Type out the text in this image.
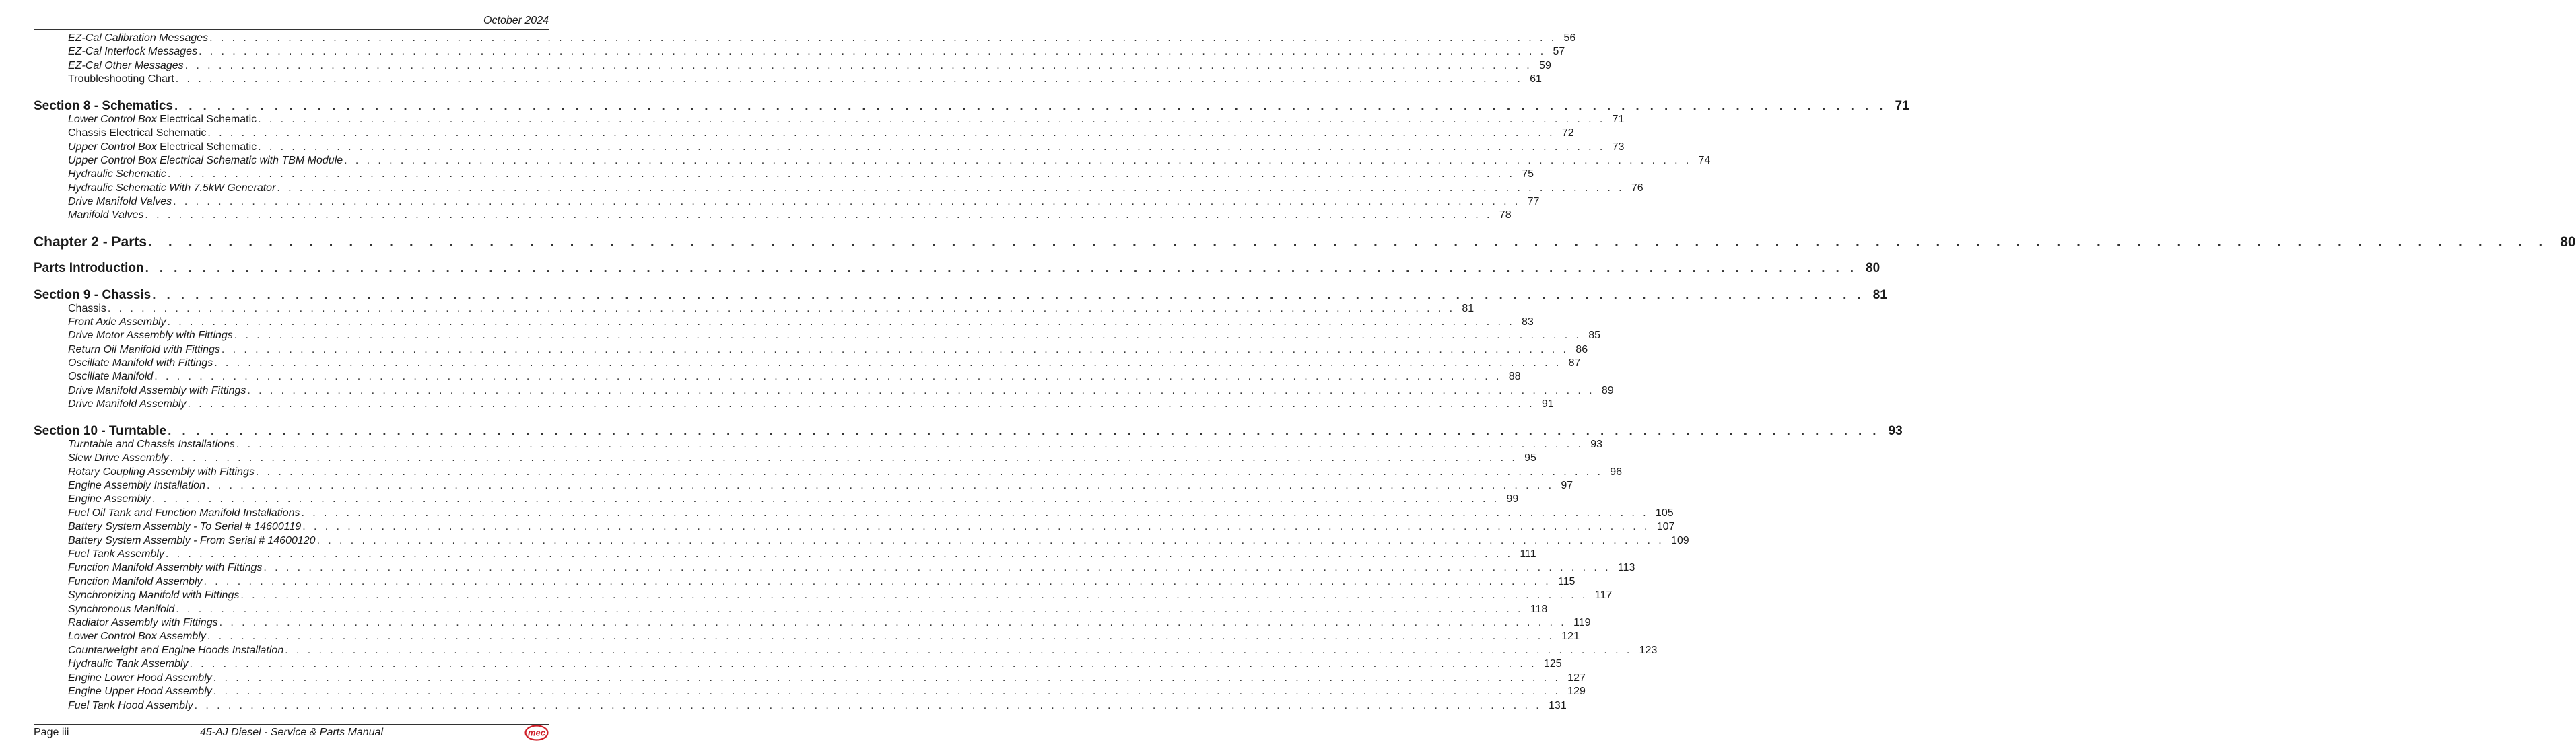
October 2024
EZ-Cal Calibration Messages ........................................................................................................................ 56
EZ-Cal Interlock Messages ........................................................................................................................ 57
EZ-Cal Other Messages ........................................................................................................................ 59
Troubleshooting Chart ........................................................................................................................ 61
Section 8 - Schematics ........................................................................................................................ 71
Lower Control Box Electrical Schematic ........................................................................................................................ 71
Chassis Electrical Schematic ........................................................................................................................ 72
Upper Control Box Electrical Schematic ........................................................................................................................ 73
Upper Control Box Electrical Schematic with TBM Module ........................................................................................................................ 74
Hydraulic Schematic ........................................................................................................................ 75
Hydraulic Schematic With 7.5kW Generator ........................................................................................................................ 76
Drive Manifold Valves ........................................................................................................................ 77
Manifold Valves ........................................................................................................................ 78
Chapter 2 - Parts ........................................................................................................................ 80
Parts Introduction ........................................................................................................................ 80
Section 9 - Chassis ........................................................................................................................ 81
Chassis ........................................................................................................................ 81
Front Axle Assembly ........................................................................................................................ 83
Drive Motor Assembly with Fittings ........................................................................................................................ 85
Return Oil Manifold with Fittings ........................................................................................................................ 86
Oscillate Manifold with Fittings ........................................................................................................................ 87
Oscillate Manifold ........................................................................................................................ 88
Drive Manifold Assembly with Fittings ........................................................................................................................ 89
Drive Manifold Assembly ........................................................................................................................ 91
Section 10 - Turntable ........................................................................................................................ 93
Turntable and Chassis Installations ........................................................................................................................ 93
Slew Drive Assembly ........................................................................................................................ 95
Rotary Coupling Assembly with Fittings ........................................................................................................................ 96
Engine Assembly Installation ........................................................................................................................ 97
Engine Assembly ........................................................................................................................ 99
Fuel Oil Tank and Function Manifold Installations ........................................................................................................................ 105
Battery System Assembly - To Serial # 14600119 ........................................................................................................................ 107
Battery System Assembly - From Serial # 14600120 ........................................................................................................................ 109
Fuel Tank Assembly ........................................................................................................................ 111
Function Manifold Assembly with Fittings ........................................................................................................................ 113
Function Manifold Assembly ........................................................................................................................ 115
Synchronizing Manifold with Fittings ........................................................................................................................ 117
Synchronous Manifold ........................................................................................................................ 118
Radiator Assembly with Fittings ........................................................................................................................ 119
Lower Control Box Assembly ........................................................................................................................ 121
Counterweight and Engine Hoods Installation ........................................................................................................................ 123
Hydraulic Tank Assembly ........................................................................................................................ 125
Engine Lower Hood Assembly ........................................................................................................................ 127
Engine Upper Hood Assembly ........................................................................................................................ 129
Fuel Tank Hood Assembly ........................................................................................................................ 131
Page iii	45-AJ Diesel - Service & Parts Manual	mec
